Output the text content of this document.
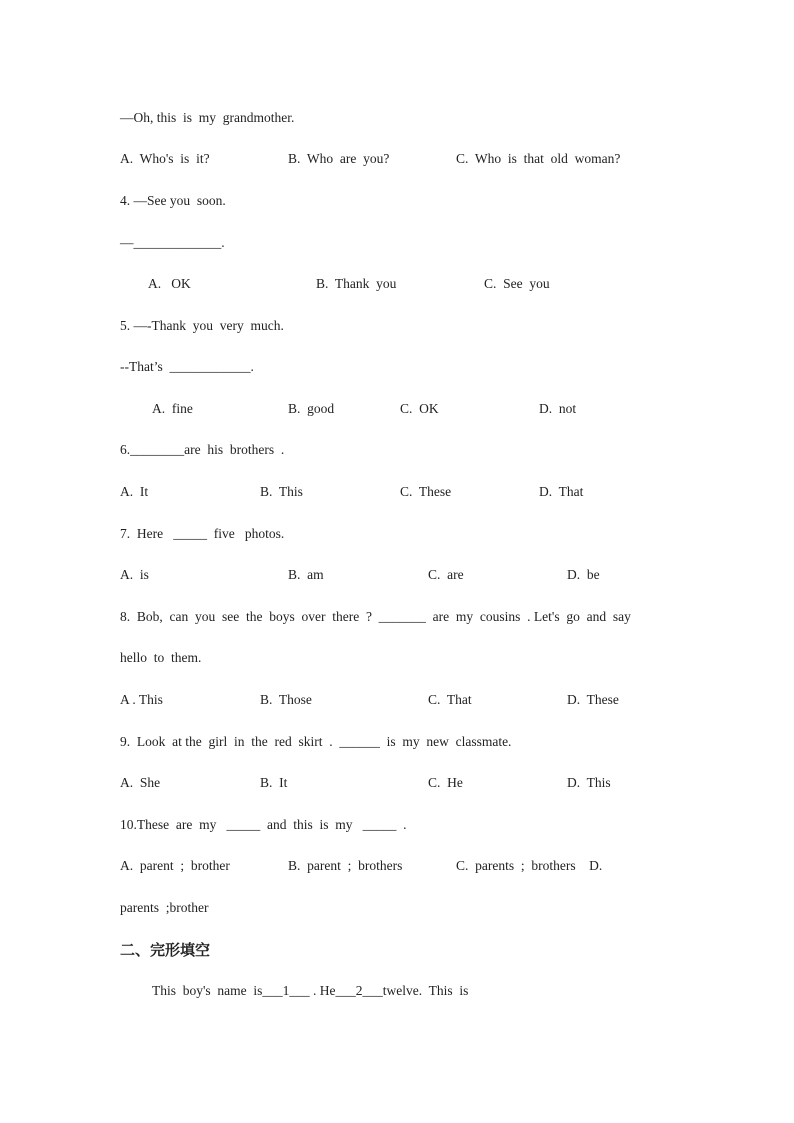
—Oh, this  is  my  grandmother.
A.  Who's  is  it?	B.  Who  are  you?	C.  Who  is  that  old  woman?
4. —See you  soon.
—_____________.
A.   OK	B.  Thank  you	C.  See  you
5. —-Thank  you  very  much.
--That’s  ____________.
A.  fine	B.  good	C.  OK	D.  not
6.________are  his  brothers  .
A.  It	B.  This	C.  These	D.  That
7.  Here   _____  five   photos.
A.  is	B.  am	C.  are	D.  be
8.  Bob,  can  you  see  the  boys  over  there  ?  _______  are  my  cousins  . Let's  go  and  say
hello  to  them.
A . This	B.  Those	C.  That	D.  These
9.  Look  at the  girl  in  the  red  skirt  .  ______  is  my  new  classmate.
A.  She	B.  It	C.  He	D.  This
10.These  are  my   _____  and  this  is  my   _____  .
A.  parent  ;  brother	B.  parent  ;  brothers	C.  parents  ;  brothers    D.
parents  ;brother
二、完形填空
This  boy's  name  is___1___ . He___2___twelve.  This  is
